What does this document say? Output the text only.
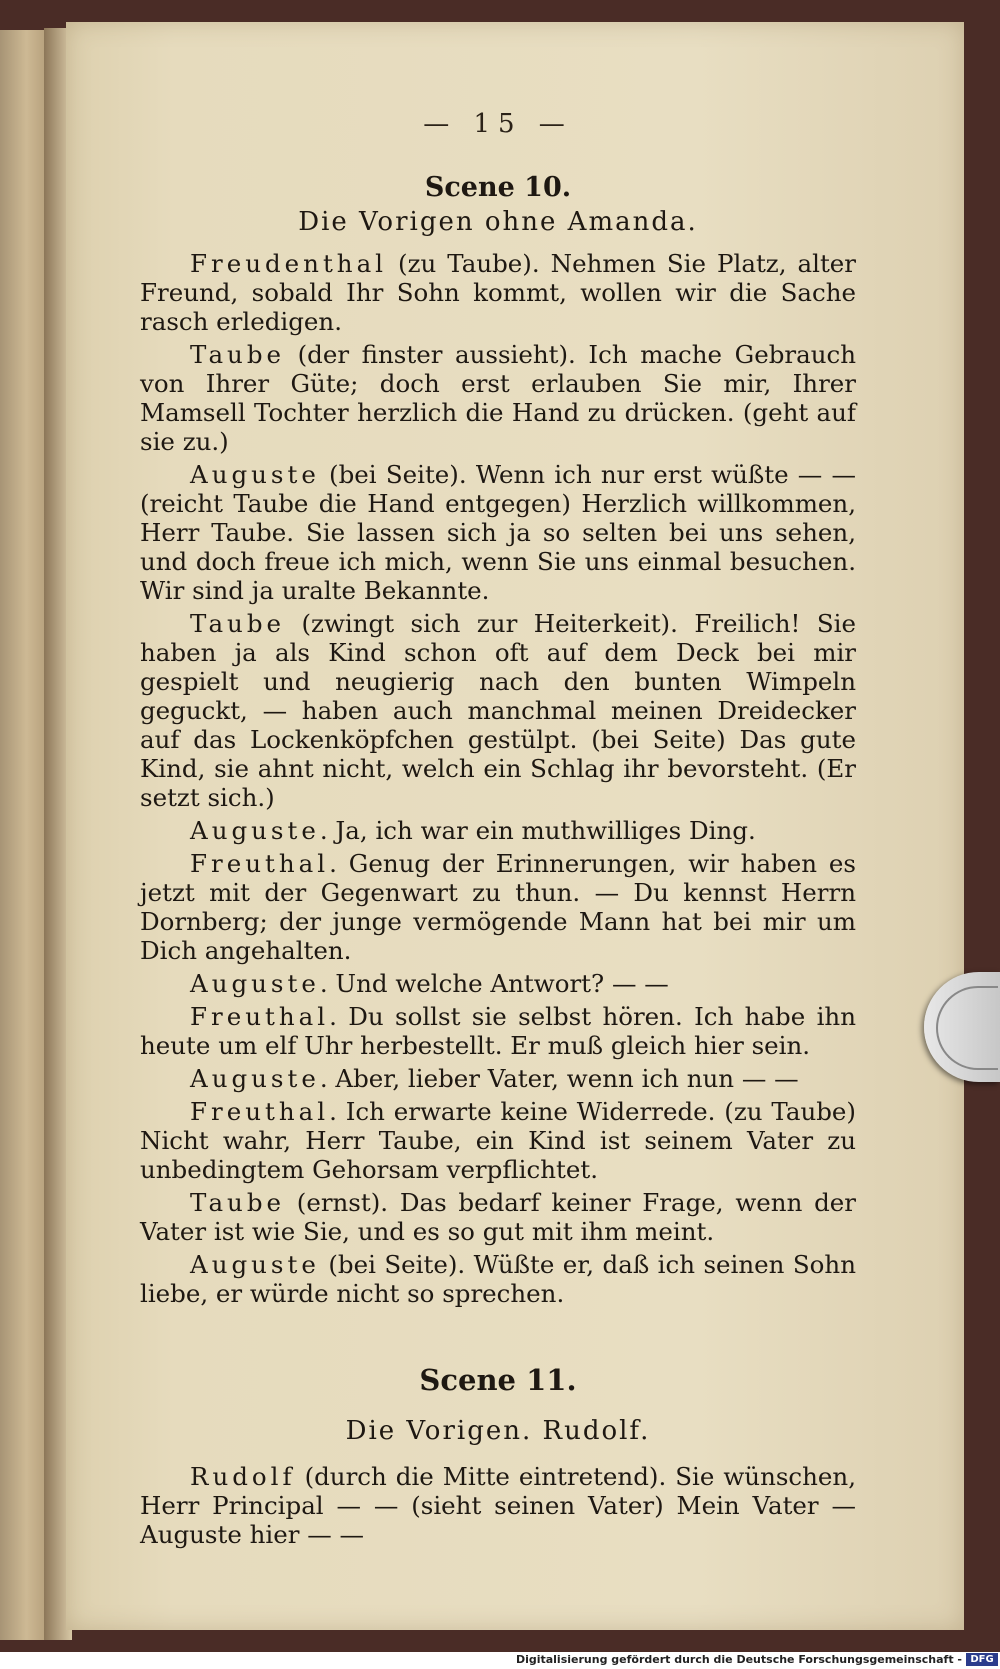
— 15 —
Scene 10.
Die Vorigen ohne Amanda.

Freudenthal (zu Taube). Nehmen Sie Platz, alter Freund, sobald Ihr Sohn kommt, wollen wir die Sache rasch erledigen.

Taube (der finster aussieht). Ich mache Gebrauch von Ihrer Güte; doch erst erlauben Sie mir, Ihrer Mamsell Tochter herzlich die Hand zu drücken. (geht auf sie zu.)

Auguste (bei Seite). Wenn ich nur erst wüßte — — (reicht Taube die Hand entgegen) Herzlich willkommen, Herr Taube. Sie lassen sich ja so selten bei uns sehen, und doch freue ich mich, wenn Sie uns einmal besuchen. Wir sind ja uralte Bekannte.

Taube (zwingt sich zur Heiterkeit). Freilich! Sie haben ja als Kind schon oft auf dem Deck bei mir gespielt und neugierig nach den bunten Wimpeln geguckt, — haben auch manchmal meinen Dreidecker auf das Lockenköpfchen gestülpt. (bei Seite) Das gute Kind, sie ahnt nicht, welch ein Schlag ihr bevorsteht. (Er setzt sich.)

Auguste. Ja, ich war ein muthwilliges Ding.

Freuthal. Genug der Erinnerungen, wir haben es jetzt mit der Gegenwart zu thun. — Du kennst Herrn Dornberg; der junge vermögende Mann hat bei mir um Dich angehalten.

Auguste. Und welche Antwort? — —

Freuthal. Du sollst sie selbst hören. Ich habe ihn heute um elf Uhr herbestellt. Er muß gleich hier sein.

Auguste. Aber, lieber Vater, wenn ich nun — —

Freuthal. Ich erwarte keine Widerrede. (zu Taube) Nicht wahr, Herr Taube, ein Kind ist seinem Vater zu unbedingtem Gehorsam verpflichtet.

Taube (ernst). Das bedarf keiner Frage, wenn der Vater ist wie Sie, und es so gut mit ihm meint.

Auguste (bei Seite). Wüßte er, daß ich seinen Sohn liebe, er würde nicht so sprechen.

Scene 11.
Die Vorigen. Rudolf.

Rudolf (durch die Mitte eintretend). Sie wünschen, Herr Principal — — (sieht seinen Vater) Mein Vater — Auguste hier — —

Digitalisierung gefördert durch die Deutsche Forschungsgemeinschaft - DFG
